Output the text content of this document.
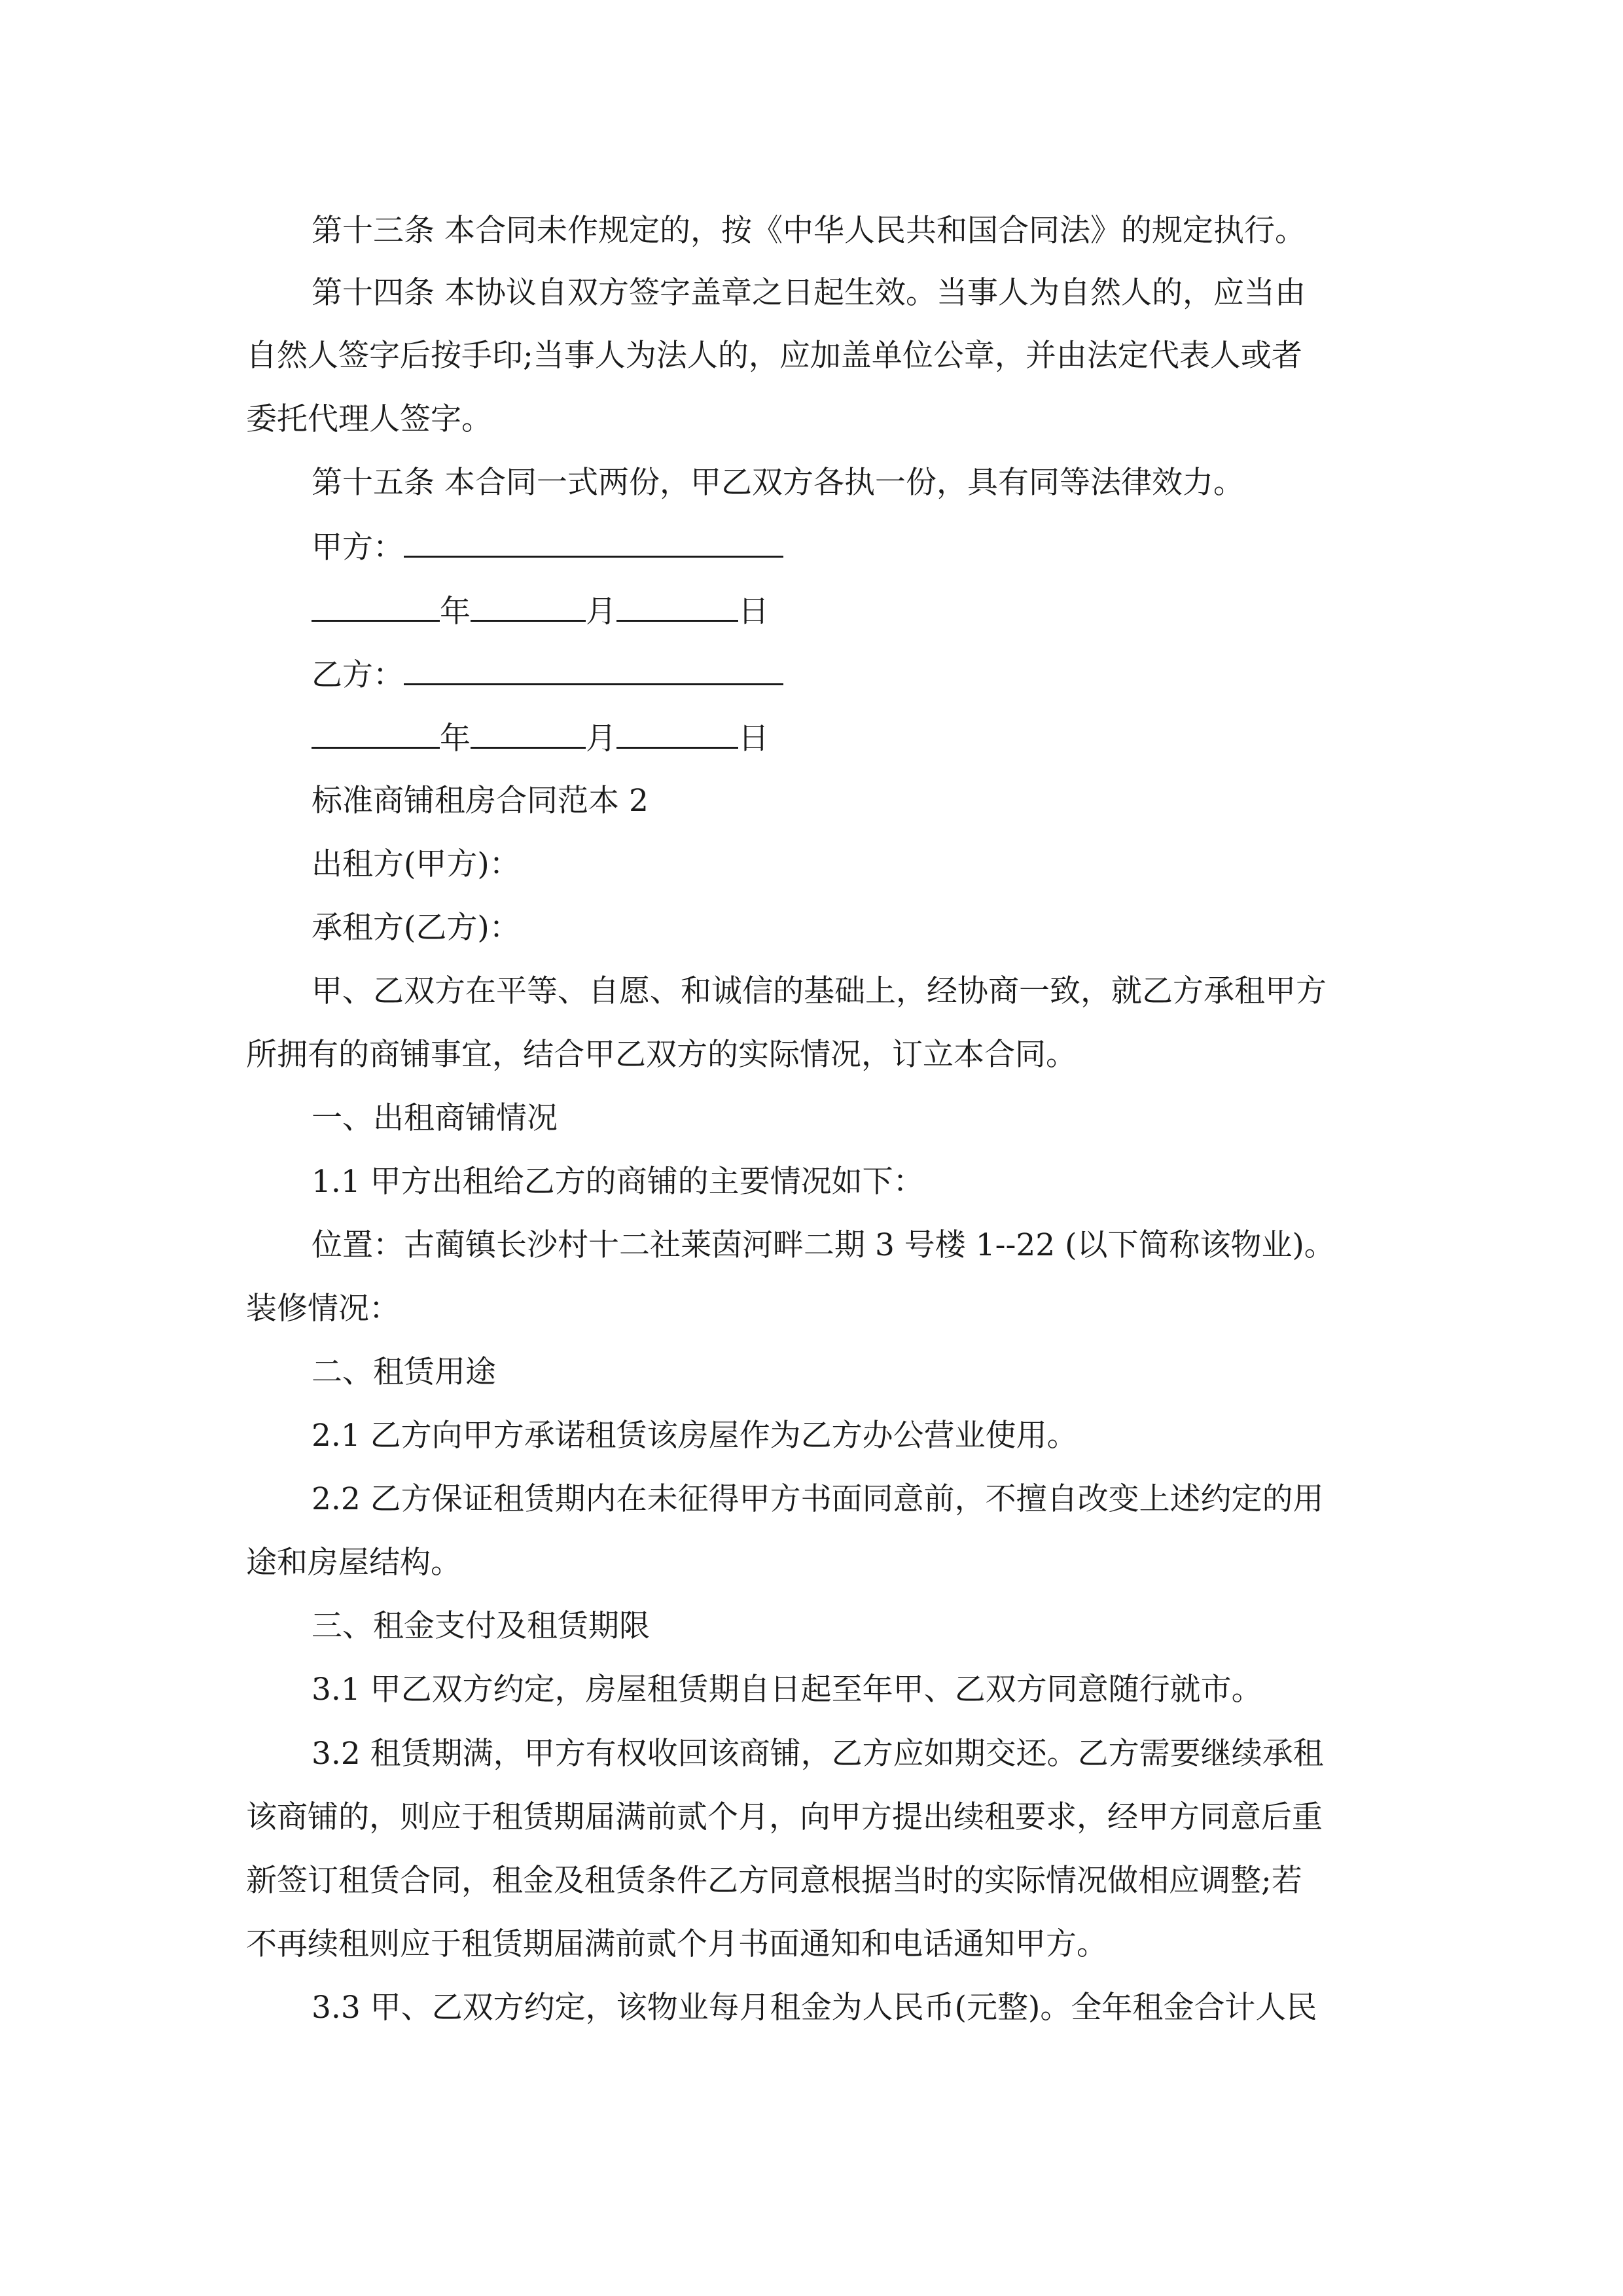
第十三条 本合同未作规定的，按《中华人民共和国合同法》的规定执行。
第十四条 本协议自双方签字盖章之日起生效。当事人为自然人的，应当由
自然人签字后按手印;当事人为法人的，应加盖单位公章，并由法定代表人或者
委托代理人签字。
第十五条 本合同一式两份，甲乙双方各执一份，具有同等法律效力。
甲方：
年	月	日
乙方：
年	月	日
标准商铺租房合同范本 2
出租方(甲方)：
承租方(乙方)：
甲、乙双方在平等、自愿、和诚信的基础上，经协商一致，就乙方承租甲方
所拥有的商铺事宜，结合甲乙双方的实际情况，订立本合同。
一、出租商铺情况
1.1 甲方出租给乙方的商铺的主要情况如下：
位置：古蔺镇长沙村十二社莱茵河畔二期 3 号楼 1--22 (以下简称该物业)。
装修情况：
二、租赁用途
2.1 乙方向甲方承诺租赁该房屋作为乙方办公营业使用。
2.2 乙方保证租赁期内在未征得甲方书面同意前，不擅自改变上述约定的用
途和房屋结构。
三、租金支付及租赁期限
3.1 甲乙双方约定，房屋租赁期自日起至年甲、乙双方同意随行就市。
3.2 租赁期满，甲方有权收回该商铺，乙方应如期交还。乙方需要继续承租
该商铺的，则应于租赁期届满前贰个月，向甲方提出续租要求，经甲方同意后重
新签订租赁合同，租金及租赁条件乙方同意根据当时的实际情况做相应调整;若
不再续租则应于租赁期届满前贰个月书面通知和电话通知甲方。
3.3 甲、乙双方约定，该物业每月租金为人民币(元整)。全年租金合计人民
